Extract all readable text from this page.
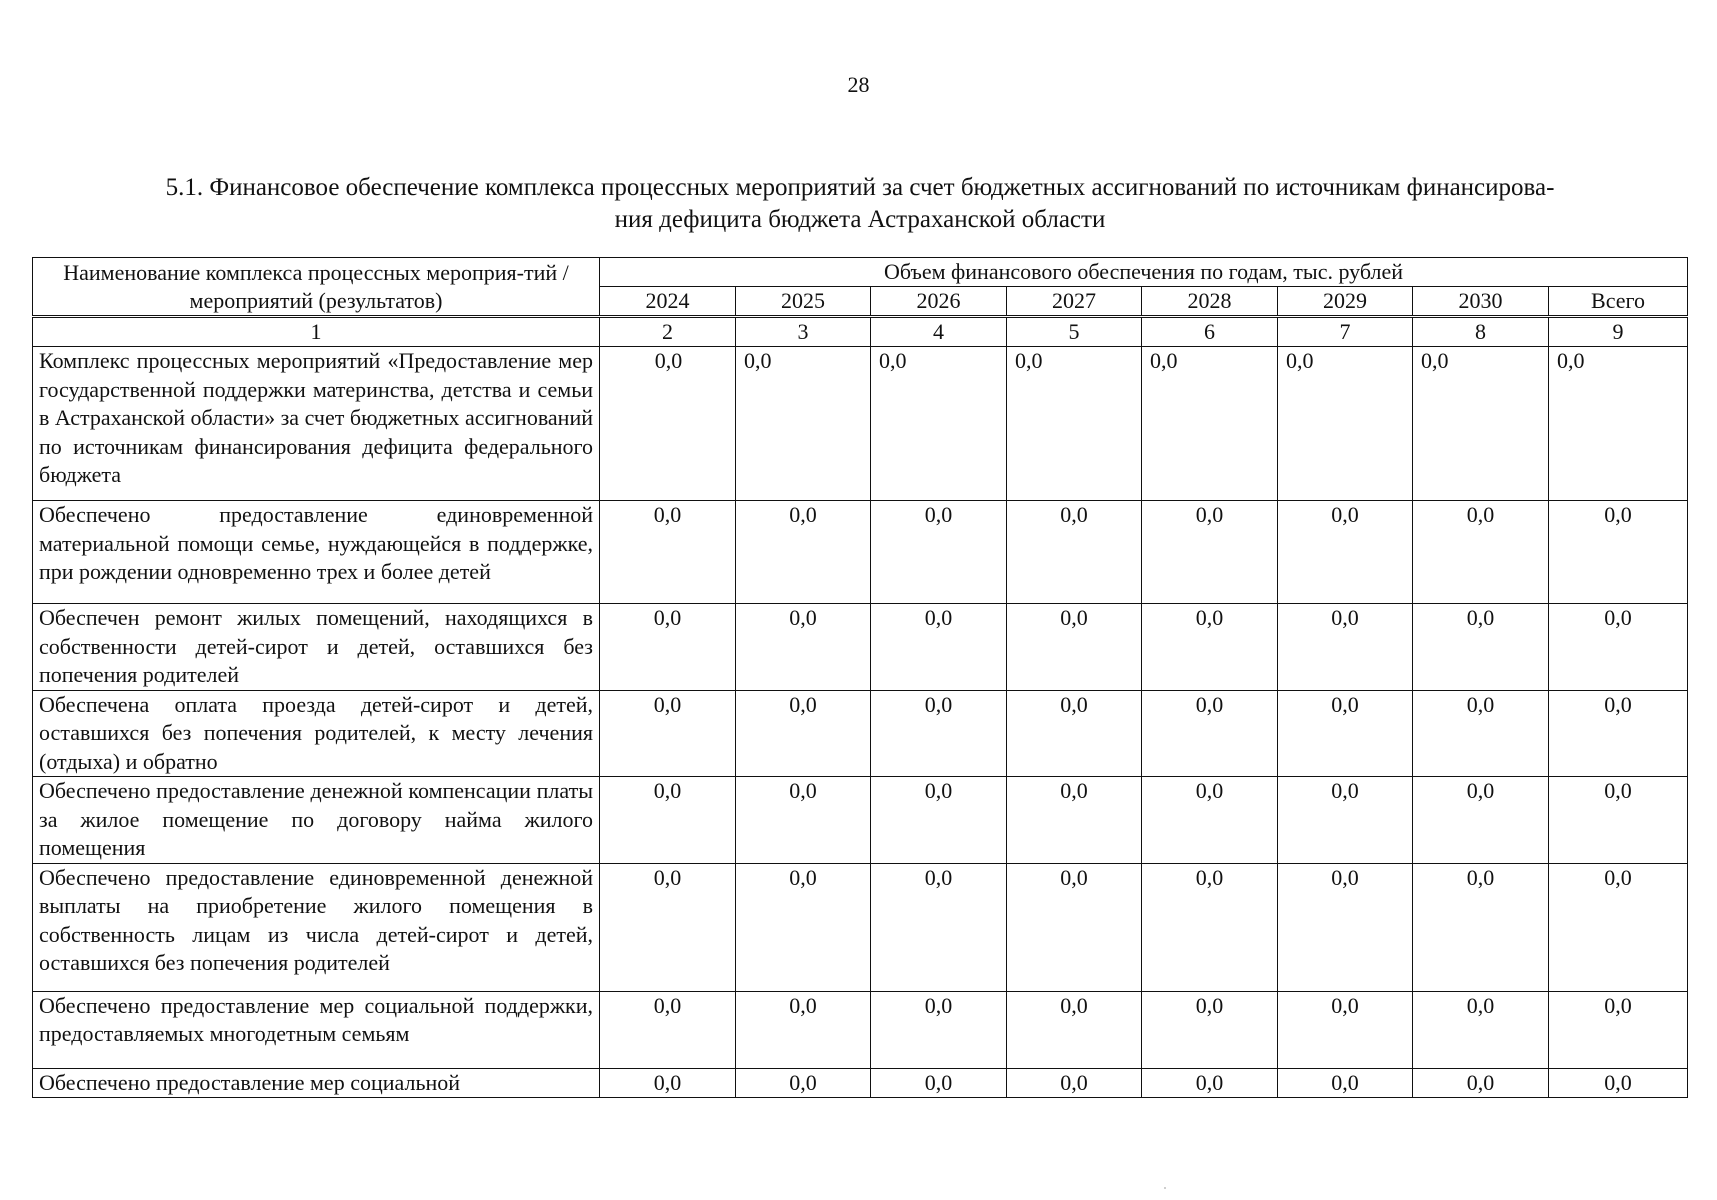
28
5.1. Финансовое обеспечение комплекса процессных мероприятий за счет бюджетных ассигнований по источникам финансирова-
ния дефицита бюджета Астраханской области
Наименование комплекса процессных мероприя-тий / мероприятий (результатов)	Объем финансового обеспечения по годам, тыс. рублей							
	2024	2025	2026	2027	2028	2029	2030	Всего
1	2	3	4	5	6	7	8	9
Комплекс процессных мероприятий «Предоставление мер государственной поддержки материнства, детства и семьи в Астраханской области» за счет бюджетных ассигнований по источникам финансирования дефицита федерального бюджета	0,0	0,0	0,0	0,0	0,0	0,0	0,0	0,0
Обеспечено предоставление единовременной материальной помощи семье, нуждающейся в поддержке, при рождении одновременно трех и более детей	0,0	0,0	0,0	0,0	0,0	0,0	0,0	0,0
Обеспечен ремонт жилых помещений, находящихся в собственности детей-сирот и детей, оставшихся без попечения родителей	0,0	0,0	0,0	0,0	0,0	0,0	0,0	0,0
Обеспечена оплата проезда детей-сирот и детей, оставшихся без попечения родителей, к месту лечения (отдыха) и обратно	0,0	0,0	0,0	0,0	0,0	0,0	0,0	0,0
Обеспечено предоставление денежной компенсации платы за жилое помещение по договору найма жилого помещения	0,0	0,0	0,0	0,0	0,0	0,0	0,0	0,0
Обеспечено предоставление единовременной денежной выплаты на приобретение жилого помещения в собственность лицам из числа детей-сирот и детей, оставшихся без попечения родителей	0,0	0,0	0,0	0,0	0,0	0,0	0,0	0,0
Обеспечено предоставление мер социальной поддержки, предоставляемых многодетным семьям	0,0	0,0	0,0	0,0	0,0	0,0	0,0	0,0
Обеспечено предоставление мер социальной	0,0	0,0	0,0	0,0	0,0	0,0	0,0	0,0
